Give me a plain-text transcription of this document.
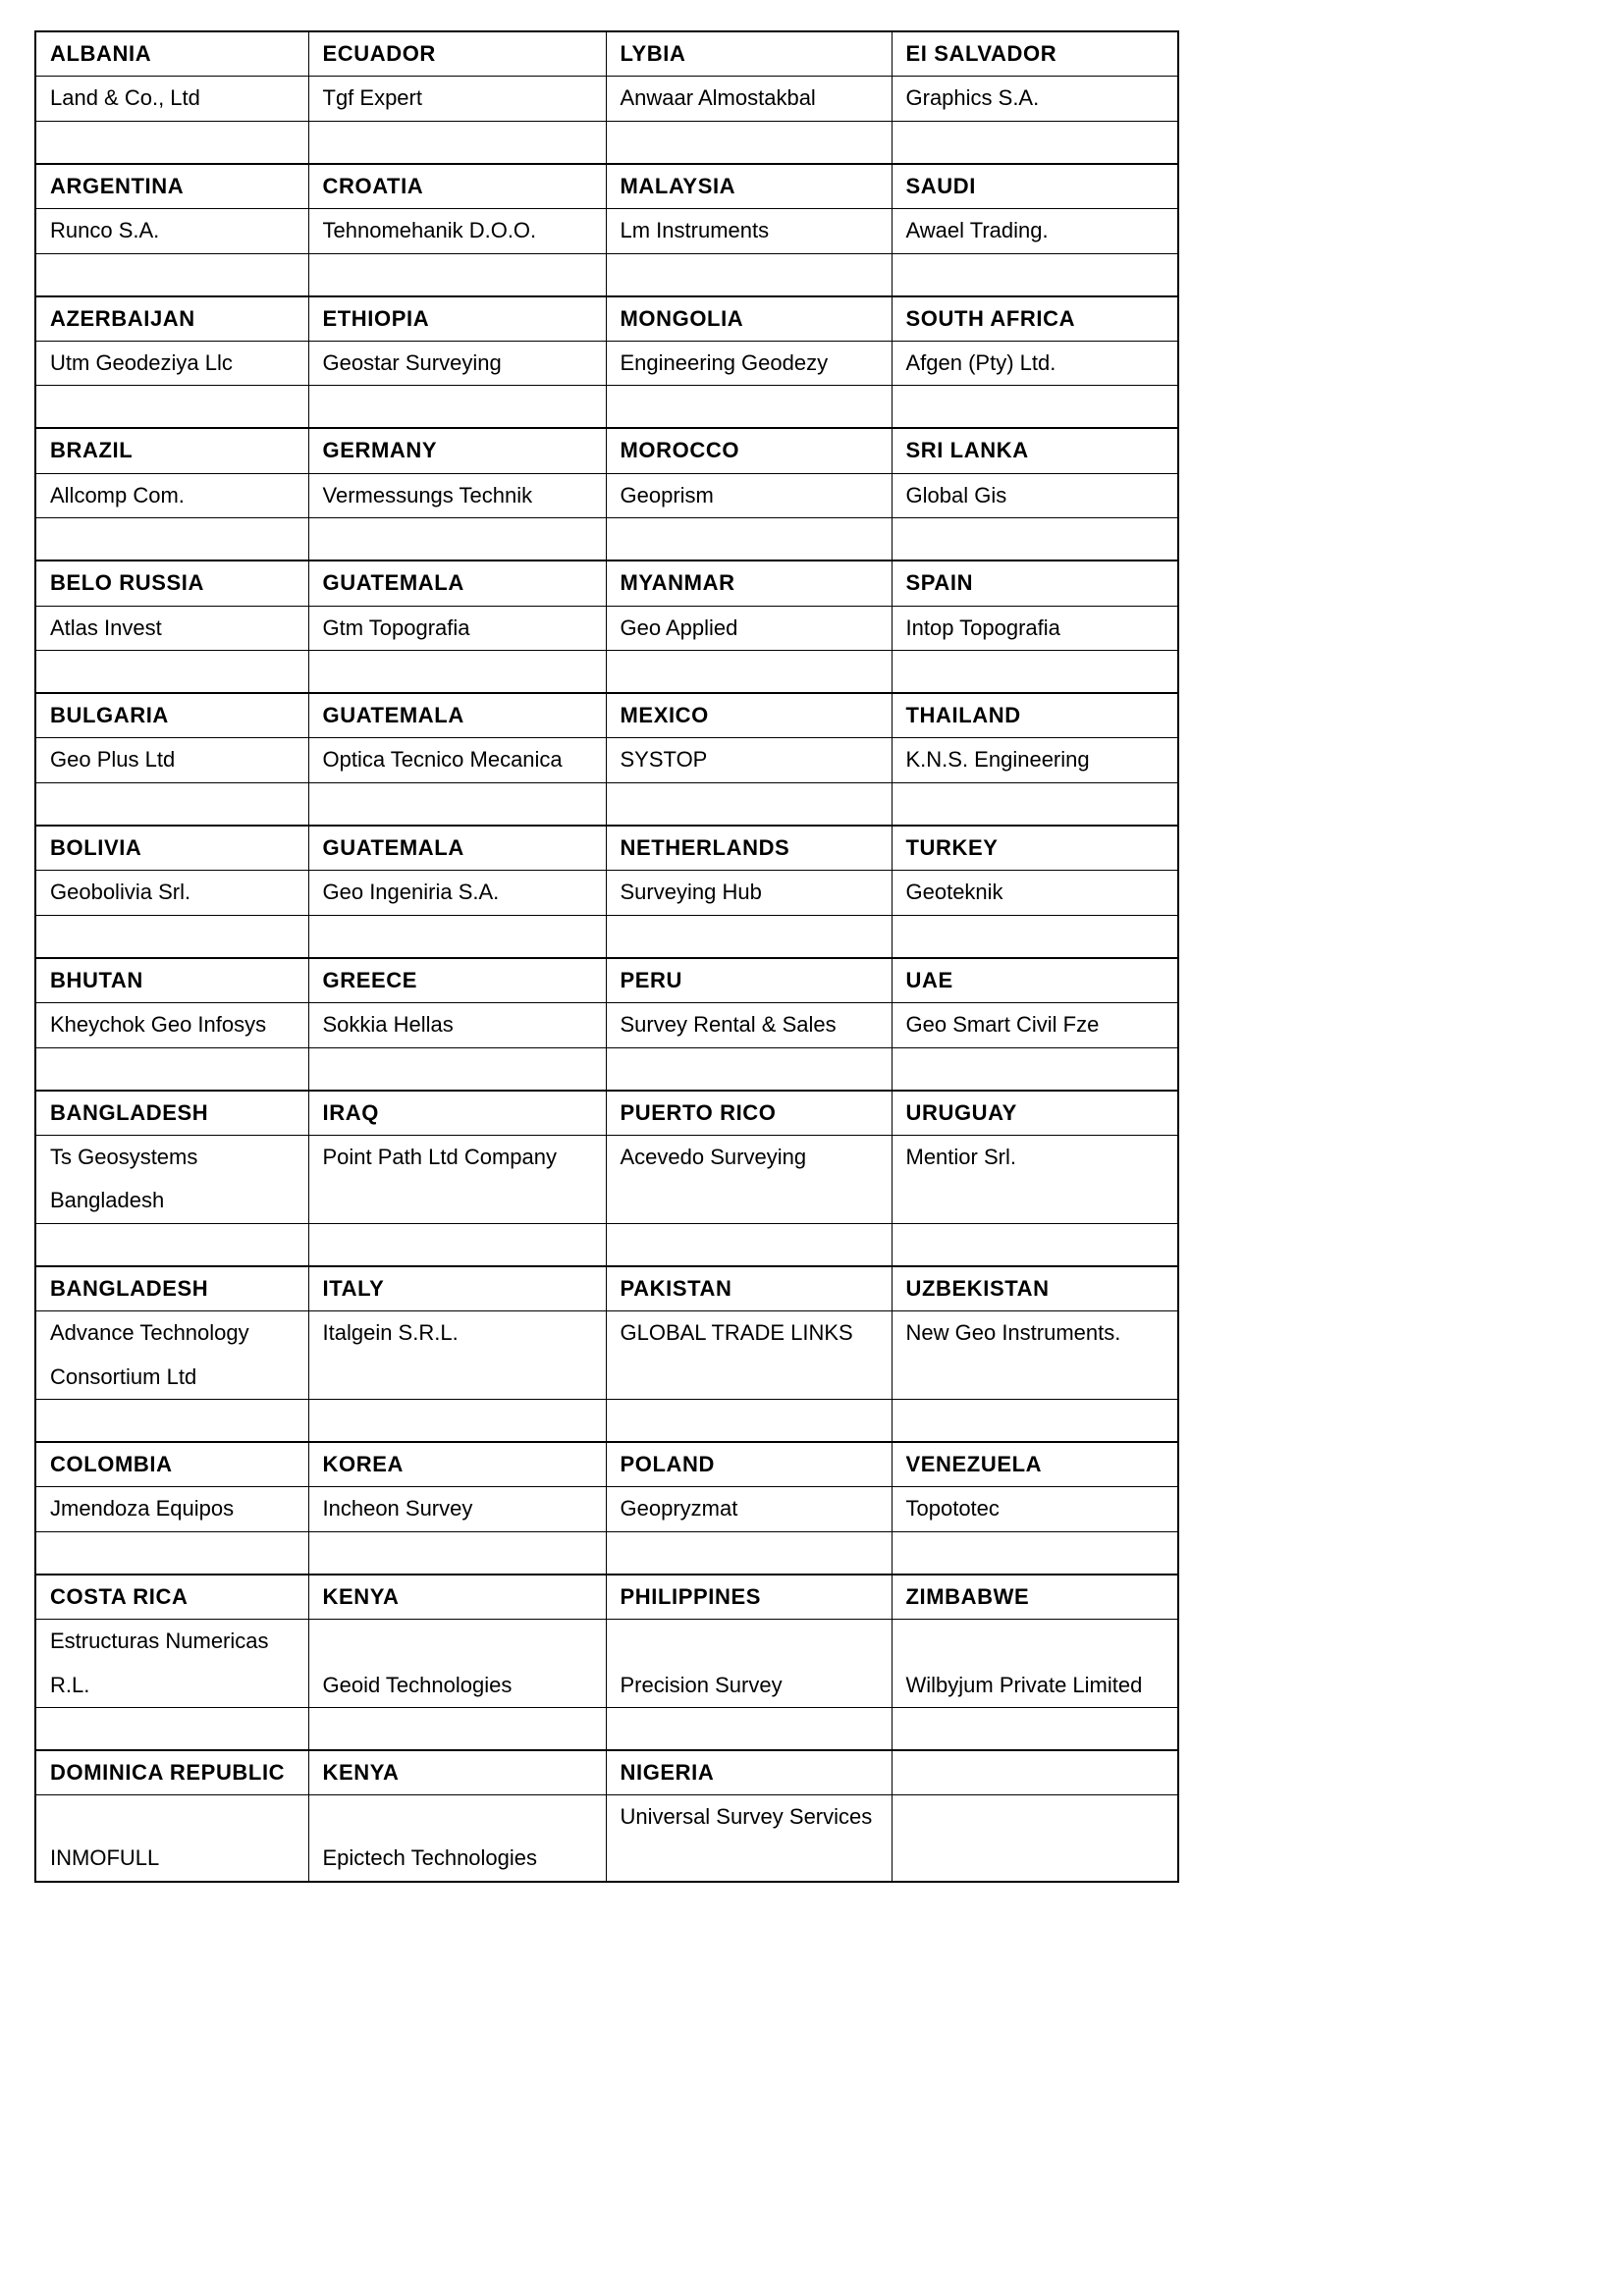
ALBANIA	ECUADOR	LYBIA	EI SALVADOR
Land & Co., Ltd	Tgf Expert	Anwaar Almostakbal	Graphics S.A.

ARGENTINA	CROATIA	MALAYSIA	SAUDI
Runco S.A.	Tehnomehanik D.O.O.	Lm Instruments	Awael Trading.

AZERBAIJAN	ETHIOPIA	MONGOLIA	SOUTH AFRICA
Utm Geodeziya Llc	Geostar Surveying	Engineering Geodezy	Afgen (Pty) Ltd.

BRAZIL	GERMANY	MOROCCO	SRI LANKA
Allcomp Com.	Vermessungs Technik	Geoprism	Global Gis

BELO RUSSIA	GUATEMALA	MYANMAR	SPAIN
Atlas Invest	Gtm Topografia	Geo Applied	Intop Topografia

BULGARIA	GUATEMALA	MEXICO	THAILAND
Geo Plus Ltd	Optica Tecnico Mecanica	SYSTOP	K.N.S. Engineering

BOLIVIA	GUATEMALA	NETHERLANDS	TURKEY
Geobolivia Srl.	Geo Ingeniria S.A.	Surveying Hub	Geoteknik

BHUTAN	GREECE	PERU	UAE
Kheychok Geo Infosys	Sokkia Hellas	Survey Rental & Sales	Geo Smart Civil Fze

BANGLADESH	IRAQ	PUERTO RICO	URUGUAY
Ts Geosystems Bangladesh	Point Path Ltd Company	Acevedo Surveying	Mentior Srl.

BANGLADESH	ITALY	PAKISTAN	UZBEKISTAN
Advance Technology Consortium Ltd	Italgein S.R.L.	GLOBAL TRADE LINKS	New Geo Instruments.

COLOMBIA	KOREA	POLAND	VENEZUELA
Jmendoza Equipos	Incheon Survey	Geopryzmat	Topototec

COSTA RICA	KENYA	PHILIPPINES	ZIMBABWE
Estructuras Numericas R.L.	Geoid Technologies	Precision Survey	Wilbyjum Private Limited

DOMINICA REPUBLIC	KENYA	NIGERIA	
INMOFULL	Epictech Technologies	Universal Survey Services	
